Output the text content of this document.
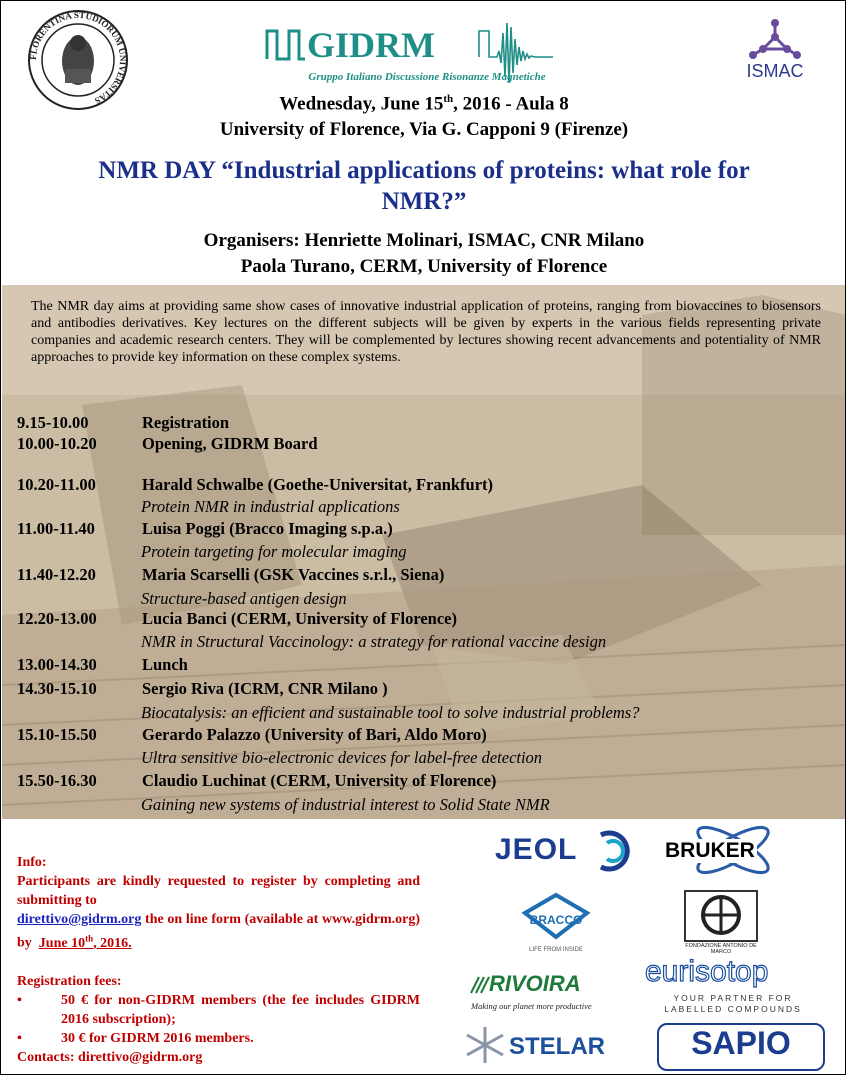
FLORENTINA STUDIORUM UNIVERSITAS
GIDRM
Gruppo Italiano Discussione Risonanze Magnetiche	ISMAC
Wednesday, June 15th, 2016 - Aula 8
University of Florence, Via G. Capponi 9 (Firenze)
NMR DAY “Industrial applications of proteins: what role for
NMR?”
Organisers: Henriette Molinari, ISMAC, CNR Milano
Paola Turano, CERM, University of Florence
The NMR day aims at providing same show cases of innovative industrial application of proteins, ranging from biovaccines to biosensors and antibodies derivatives. Key lectures on the different subjects will be given by experts in the various fields representing private companies and academic research centers. They will be complemented by lectures showing recent advancements and potentiality of NMR approaches to provide key information on these complex systems.
9.15-10.00	Registration
10.00-10.20	Opening, GIDRM Board
10.20-11.00	Harald Schwalbe (Goethe-Universitat, Frankfurt)
Protein NMR in industrial applications
11.00-11.40	Luisa Poggi (Bracco Imaging s.p.a.)
Protein targeting for molecular imaging
11.40-12.20	Maria Scarselli (GSK Vaccines s.r.l., Siena)
Structure-based antigen design
12.20-13.00	Lucia Banci (CERM, University of Florence)
NMR in Structural Vaccinology: a strategy for rational vaccine design
13.00-14.30	Lunch
14.30-15.10	Sergio Riva (ICRM, CNR Milano )
Biocatalysis: an efficient and sustainable tool to solve industrial problems?
15.10-15.50	Gerardo Palazzo (University of Bari, Aldo Moro)
Ultra sensitive bio-electronic devices for label-free detection
15.50-16.30	Claudio Luchinat (CERM, University of Florence)
Gaining new systems of industrial interest to Solid State NMR
Info:
Participants are kindly requested to register by completing and submitting to
direttivo@gidrm.org the on line form (available at www.gidrm.org) by  June 10th, 2016.
Registration fees:
• 50 € for non-GIDRM members (the fee includes GIDRM 2016 subscription);
• 30 € for GIDRM 2016 members.
Contacts: direttivo@gidrm.org
JEOL	BRUKER
BRACCO
LIFE FROM INSIDE
FONDAZIONE ANTONIO DE MARCO
RIVOIRA
Making our planet more productive
eurisotop
YOUR PARTNER FOR
LABELLED COMPOUNDS
STELAR	SAPIO
